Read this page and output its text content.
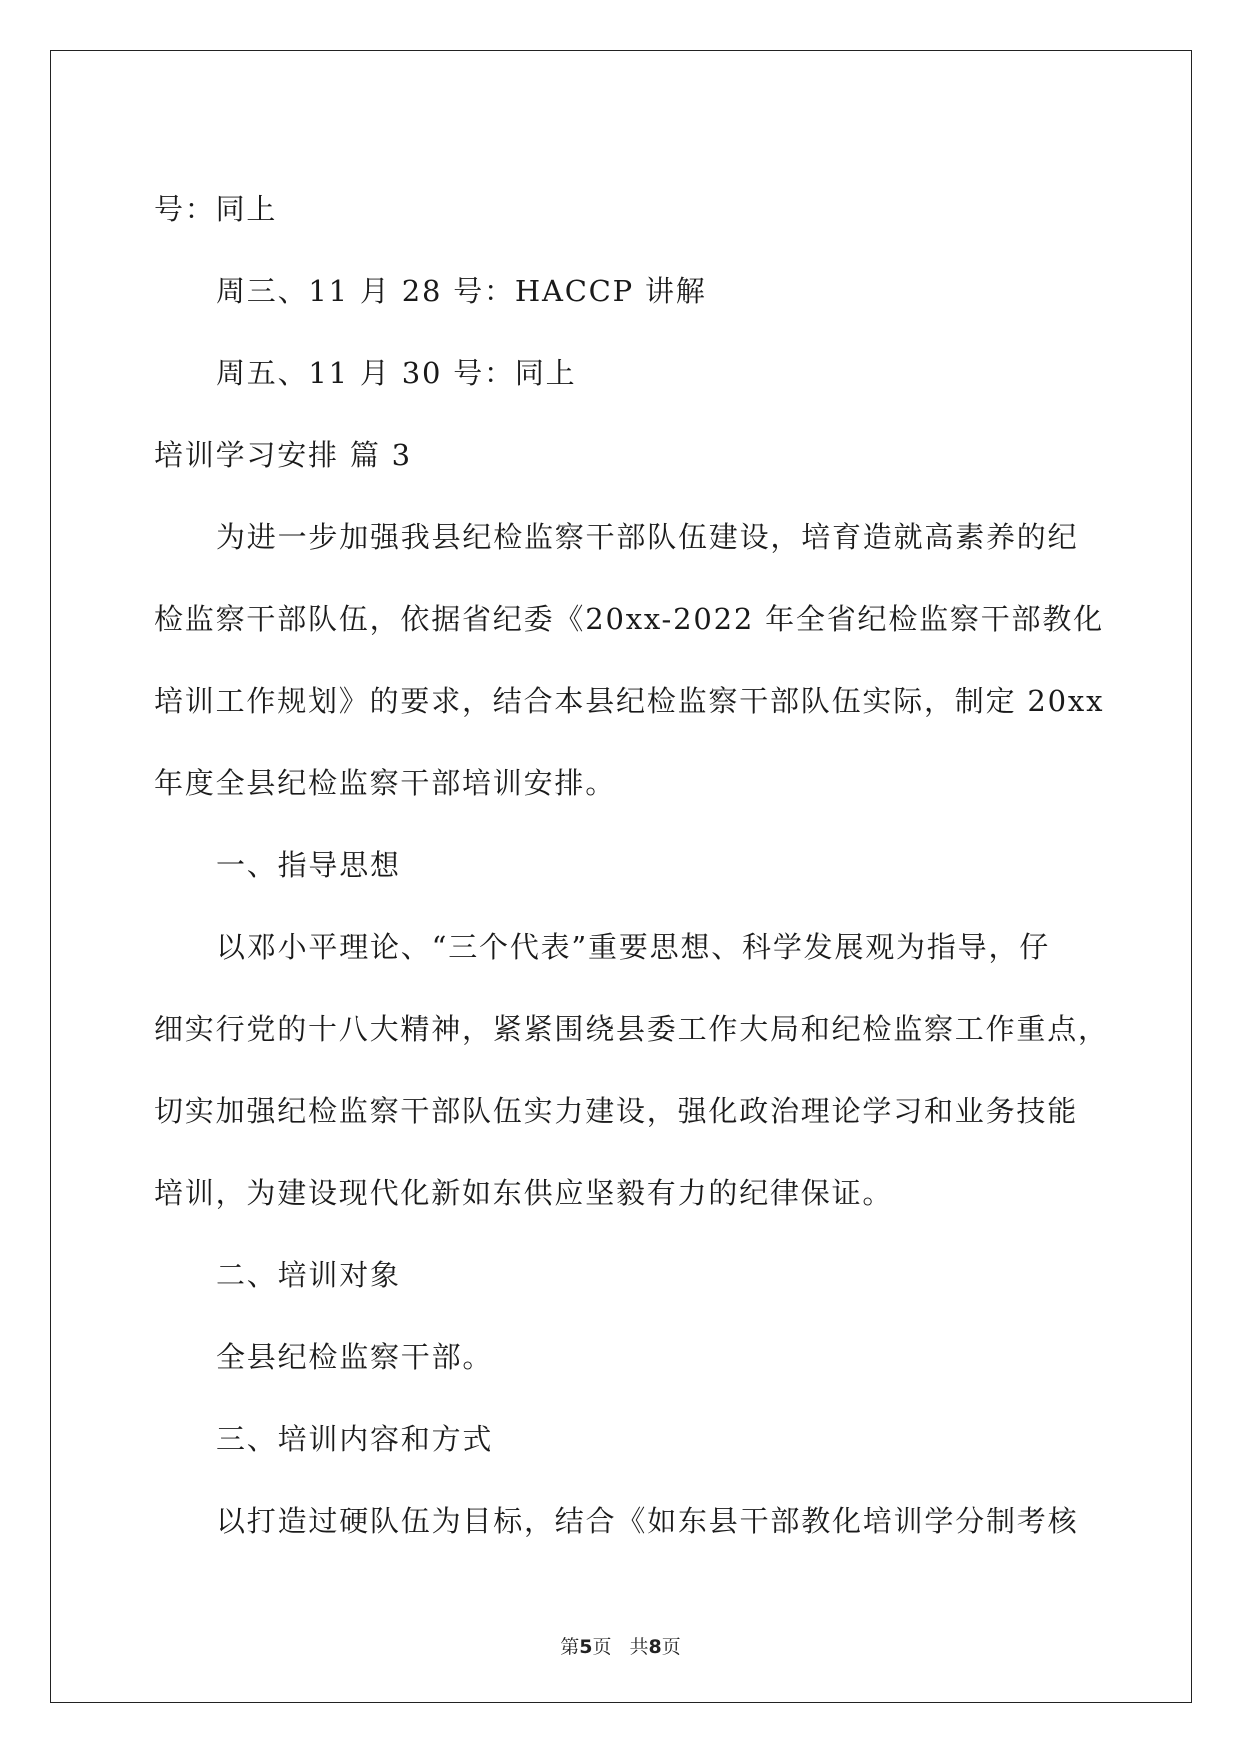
号：同上

周三、11 月 28 号：HACCP 讲解

周五、11 月 30 号：同上

培训学习安排 篇 3

为进一步加强我县纪检监察干部队伍建设，培育造就高素养的纪

检监察干部队伍，依据省纪委《20xx-2022 年全省纪检监察干部教化

培训工作规划》的要求，结合本县纪检监察干部队伍实际，制定 20xx

年度全县纪检监察干部培训安排。

一、指导思想

以邓小平理论、“三个代表”重要思想、科学发展观为指导，仔

细实行党的十八大精神，紧紧围绕县委工作大局和纪检监察工作重点，

切实加强纪检监察干部队伍实力建设，强化政治理论学习和业务技能

培训，为建设现代化新如东供应坚毅有力的纪律保证。

二、培训对象

全县纪检监察干部。

三、培训内容和方式

以打造过硬队伍为目标，结合《如东县干部教化培训学分制考核

第5页 共8页
